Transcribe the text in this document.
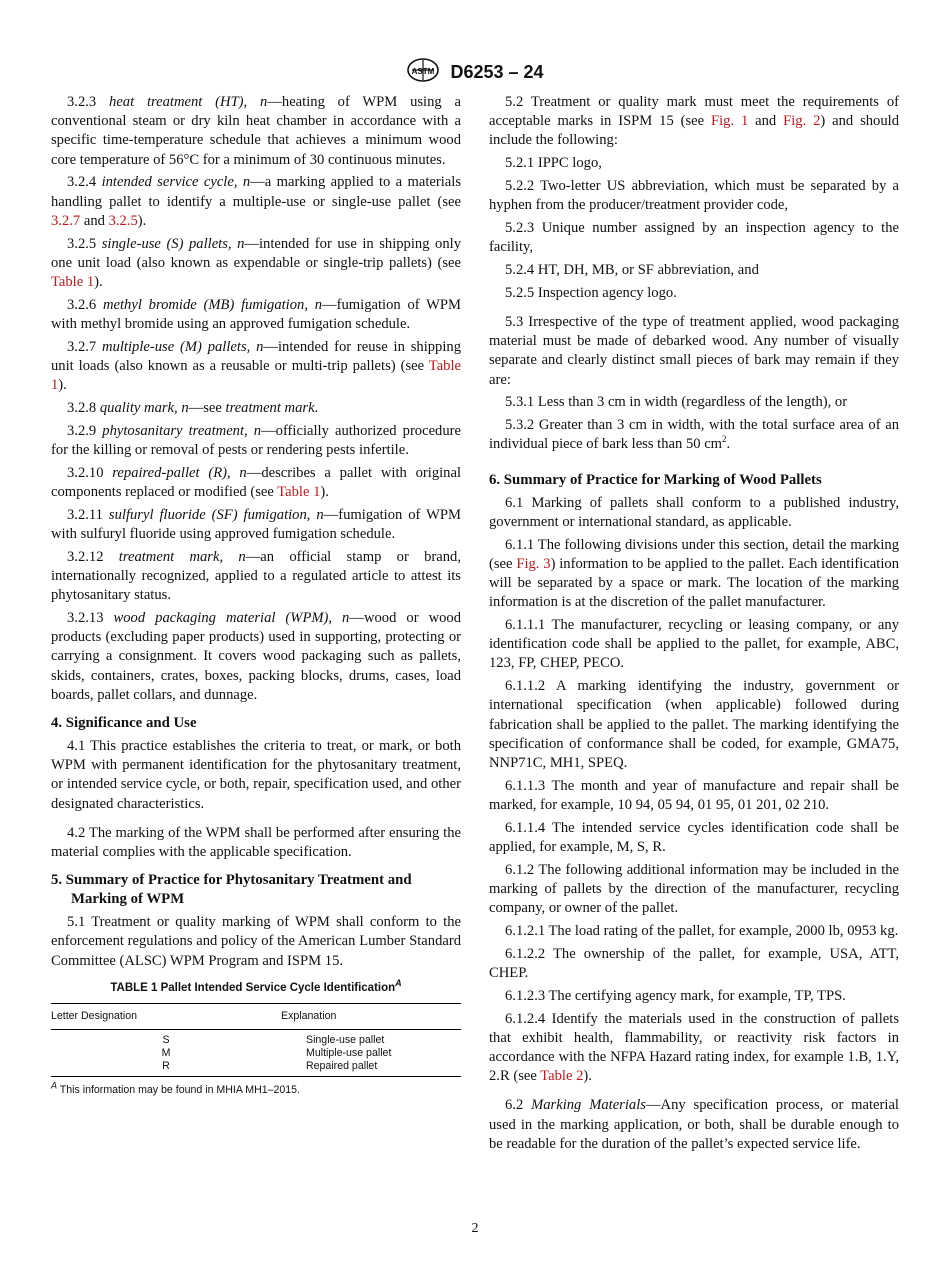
ASTM D6253 – 24

3.2.3 heat treatment (HT), n—heating of WPM using a conventional steam or dry kiln heat chamber in accordance with a specific time-temperature schedule that achieves a minimum wood core temperature of 56°C for a minimum of 30 continuous minutes.

3.2.4 intended service cycle, n—a marking applied to a materials handling pallet to identify a multiple-use or single-use pallet (see 3.2.7 and 3.2.5).

3.2.5 single-use (S) pallets, n—intended for use in shipping only one unit load (also known as expendable or single-trip pallets) (see Table 1).

3.2.6 methyl bromide (MB) fumigation, n—fumigation of WPM with methyl bromide using an approved fumigation schedule.

3.2.7 multiple-use (M) pallets, n—intended for reuse in shipping unit loads (also known as a reusable or multi-trip pallets) (see Table 1).

3.2.8 quality mark, n—see treatment mark.

3.2.9 phytosanitary treatment, n—officially authorized procedure for the killing or removal of pests or rendering pests infertile.

3.2.10 repaired-pallet (R), n—describes a pallet with original components replaced or modified (see Table 1).

3.2.11 sulfuryl fluoride (SF) fumigation, n—fumigation of WPM with sulfuryl fluoride using approved fumigation schedule.

3.2.12 treatment mark, n—an official stamp or brand, internationally recognized, applied to a regulated article to attest its phytosanitary status.

3.2.13 wood packaging material (WPM), n—wood or wood products (excluding paper products) used in supporting, protecting or carrying a consignment. It covers wood packaging such as pallets, skids, containers, crates, boxes, packing blocks, drums, cases, load boards, pallet collars, and dunnage.

4. Significance and Use

4.1 This practice establishes the criteria to treat, or mark, or both WPM with permanent identification for the phytosanitary treatment, or intended service cycle, or both, repair, specification used, and other designated characteristics.

4.2 The marking of the WPM shall be performed after ensuring the material complies with the applicable specification.

5. Summary of Practice for Phytosanitary Treatment and Marking of WPM

5.1 Treatment or quality marking of WPM shall conform to the enforcement regulations and policy of the American Lumber Standard Committee (ALSC) WPM Program and ISPM 15.

TABLE 1 Pallet Intended Service Cycle Identification$^A$
Letter Designation	Explanation
S	Single-use pallet
M	Multiple-use pallet
R	Repaired pallet
$^A$ This information may be found in MHIA MH1–2015.

5.2 Treatment or quality mark must meet the requirements of acceptable marks in ISPM 15 (see Fig. 1 and Fig. 2) and should include the following:

5.2.1 IPPC logo,

5.2.2 Two-letter US abbreviation, which must be separated by a hyphen from the producer/treatment provider code,

5.2.3 Unique number assigned by an inspection agency to the facility,

5.2.4 HT, DH, MB, or SF abbreviation, and

5.2.5 Inspection agency logo.

5.3 Irrespective of the type of treatment applied, wood packaging material must be made of debarked wood. Any number of visually separate and clearly distinct small pieces of bark may remain if they are:

5.3.1 Less than 3 cm in width (regardless of the length), or

5.3.2 Greater than 3 cm in width, with the total surface area of an individual piece of bark less than 50 $cm^2$.

6. Summary of Practice for Marking of Wood Pallets

6.1 Marking of pallets shall conform to a published industry, government or international standard, as applicable.

6.1.1 The following divisions under this section, detail the marking (see Fig. 3) information to be applied to the pallet. Each identification will be separated by a space or mark. The location of the marking information is at the discretion of the pallet manufacturer.

6.1.1.1 The manufacturer, recycling or leasing company, or any identification code shall be applied to the pallet, for example, ABC, 123, FP, CHEP, PECO.

6.1.1.2 A marking identifying the industry, government or international specification (when applicable) followed during fabrication shall be applied to the pallet. The marking identifying the specification of conformance shall be coded, for example, GMA75, NNP71C, MH1, SPEQ.

6.1.1.3 The month and year of manufacture and repair shall be marked, for example, 10 94, 05 94, 01 95, 01 201, 02 210.

6.1.1.4 The intended service cycles identification code shall be applied, for example, M, S, R.

6.1.2 The following additional information may be included in the marking of pallets by the direction of the manufacturer, recycling company, or owner of the pallet.

6.1.2.1 The load rating of the pallet, for example, 2000 lb, 0953 kg.

6.1.2.2 The ownership of the pallet, for example, USA, ATT, CHEP.

6.1.2.3 The certifying agency mark, for example, TP, TPS.

6.1.2.4 Identify the materials used in the construction of pallets that exhibit health, flammability, or reactivity risk factors in accordance with the NFPA Hazard rating index, for example 1.B, 1.Y, 2.R (see Table 2).

6.2 Marking Materials—Any specification process, or material used in the marking application, or both, shall be durable enough to be readable for the duration of the pallet’s expected service life.

2
